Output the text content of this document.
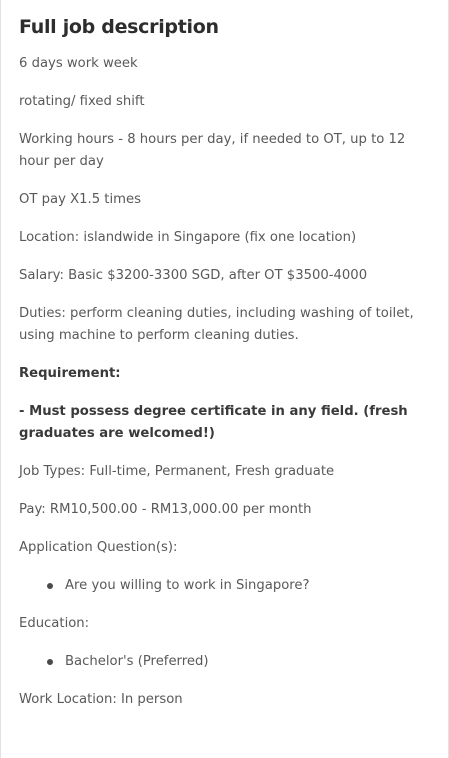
Full job description

6 days work week

rotating/ fixed shift

Working hours - 8 hours per day, if needed to OT, up to 12 hour per day

OT pay X1.5 times

Location: islandwide in Singapore (fix one location)

Salary: Basic $3200-3300 SGD, after OT $3500-4000

Duties: perform cleaning duties, including washing of toilet, using machine to perform cleaning duties.

Requirement:

- Must possess degree certificate in any field. (fresh graduates are welcomed!)

Job Types: Full-time, Permanent, Fresh graduate

Pay: RM10,500.00 - RM13,000.00 per month

Application Question(s):

Are you willing to work in Singapore?

Education:

Bachelor's (Preferred)

Work Location: In person
